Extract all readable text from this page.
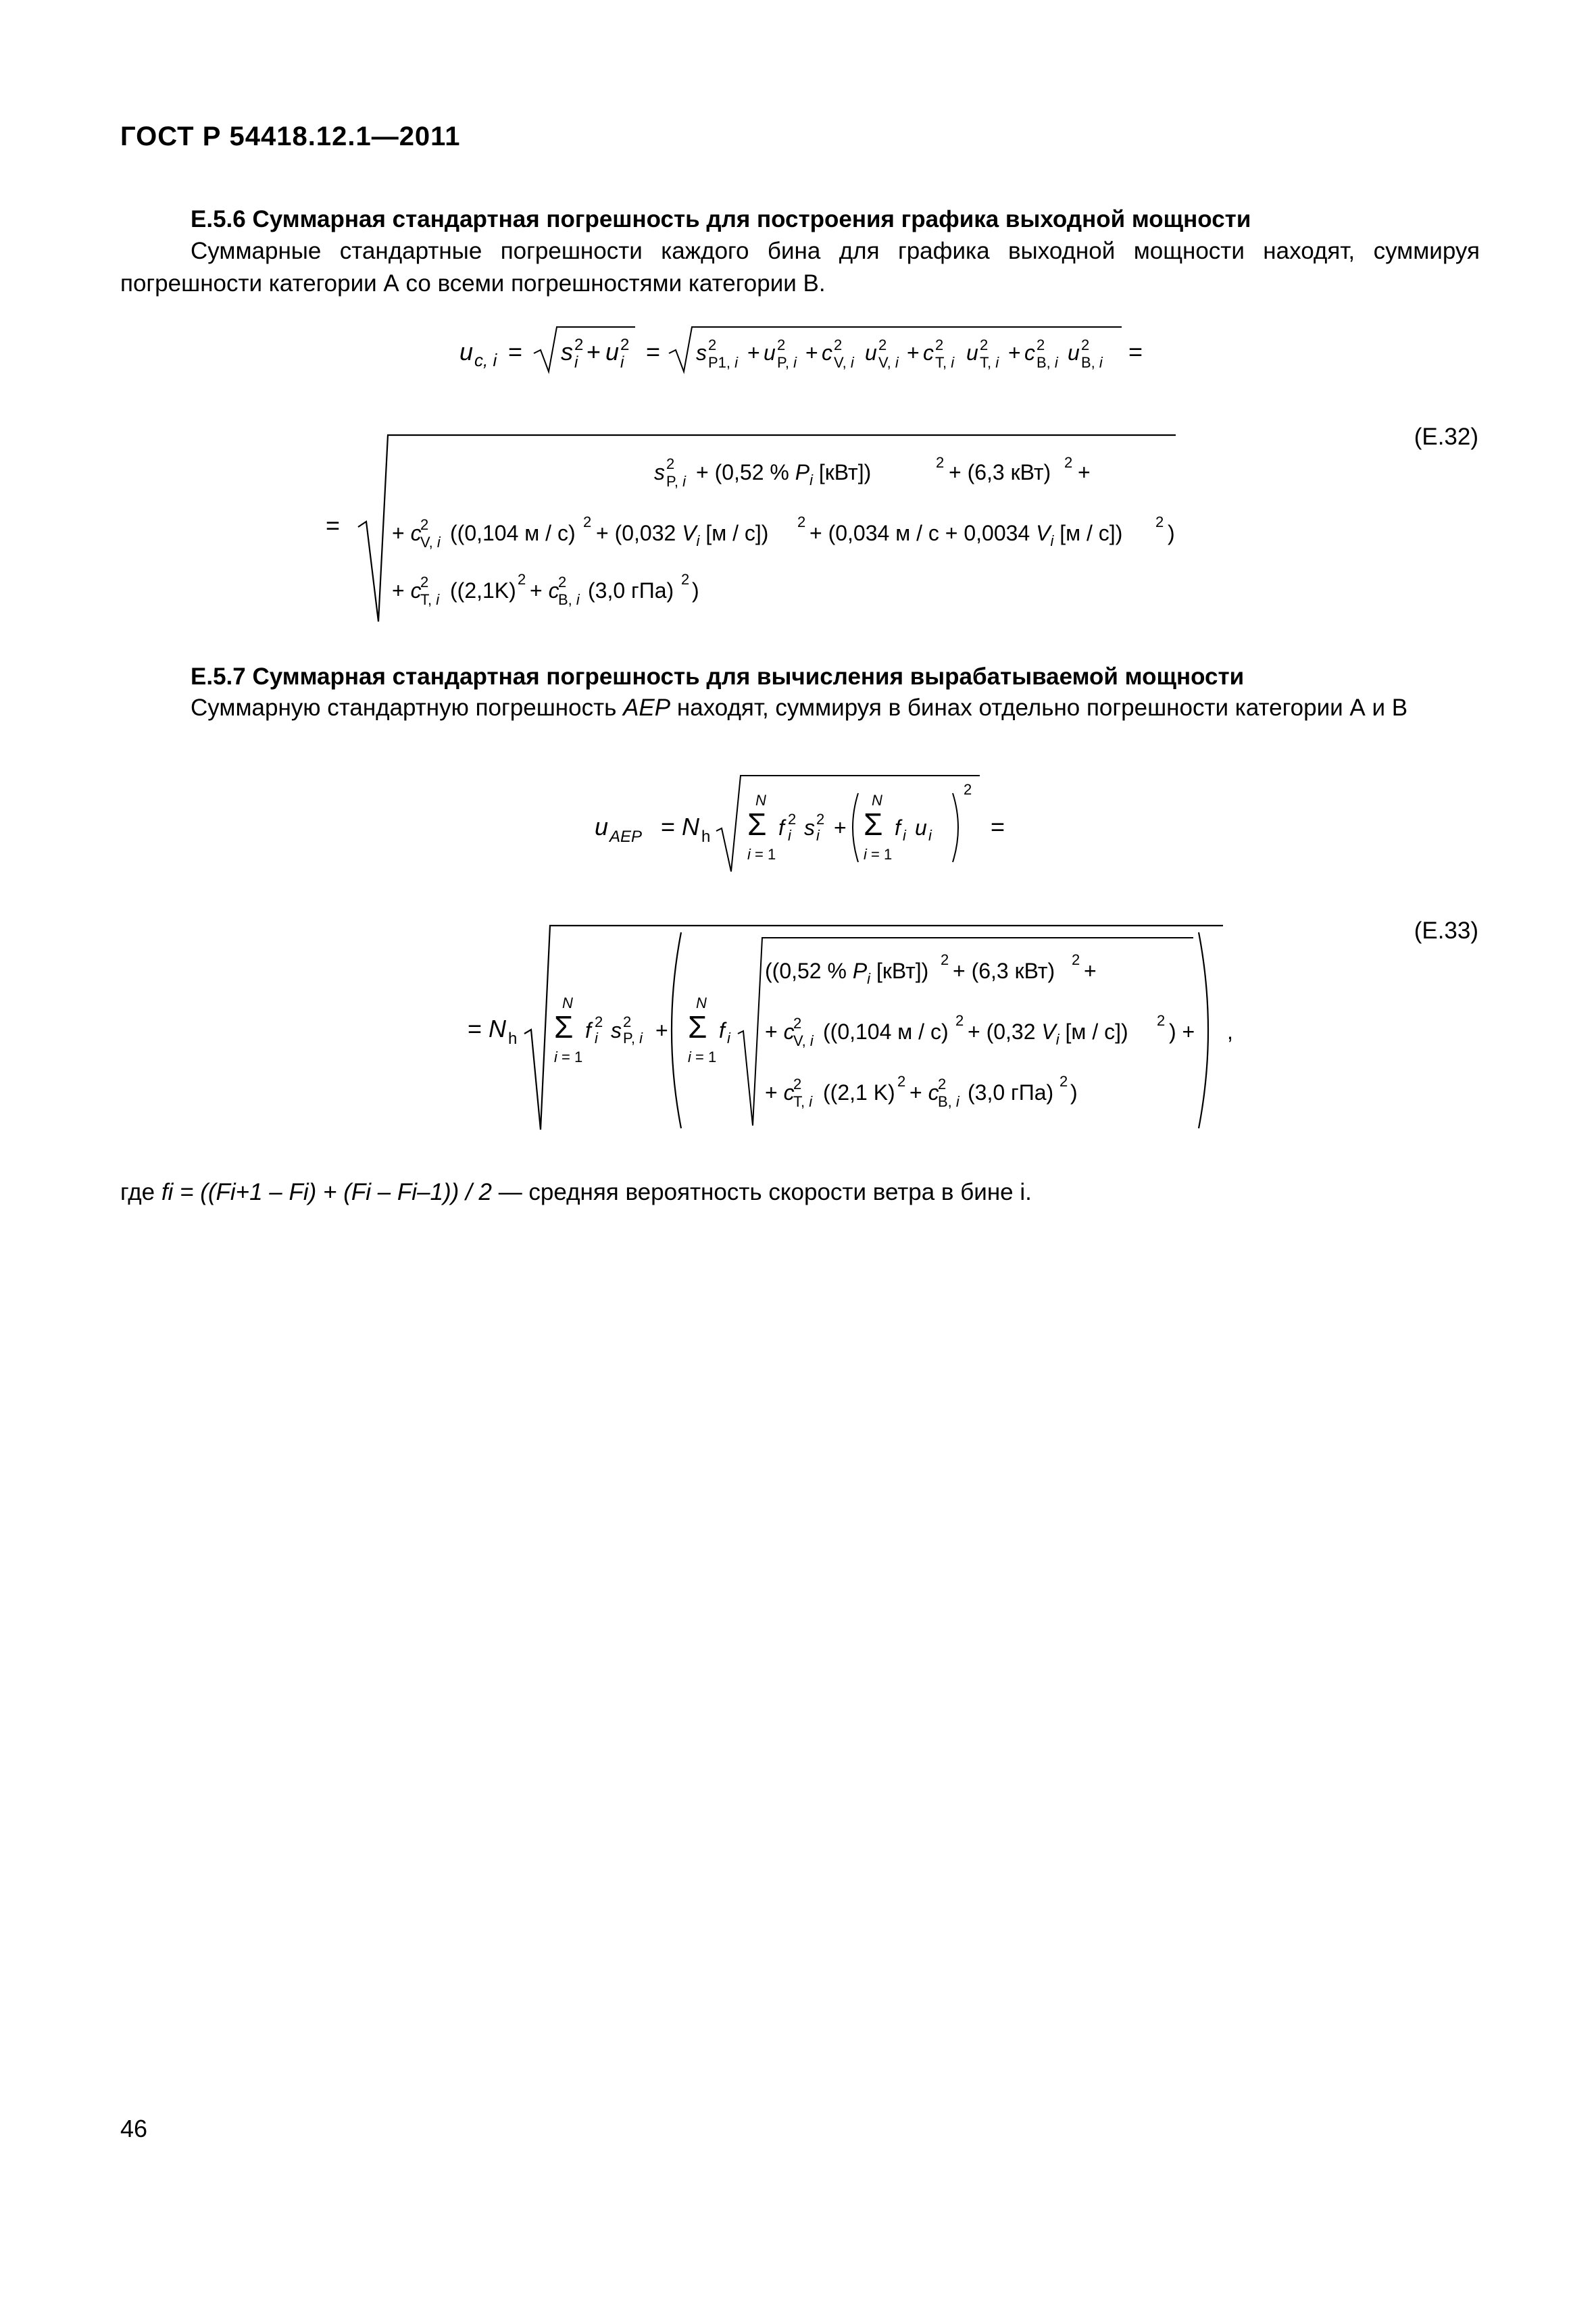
ГОСТ Р 54418.12.1—2011
Е.5.6 Суммарная стандартная погрешность для построения графика выходной мощности
Суммарные стандартные погрешности каждого бина для графика выходной мощности находят, суммируя погрешности категории А со всеми погрешностями категории В.
u c, i = s 2
i + u 2
i = s 2
P1, i + u 2
P, i + c 2
V, i u 2
V, i + c 2
T, i u 2
T, i + c 2
B, i u 2
B, i =
=
s 2
P, i + (0,52 % $P_i$ [кВт])	2 + (6,3 кВт) 2 +
+ c
2
V, i ((0,104 м / c) 2 + (0,032 $V_i$ [м / c]) 2 + (0,034 м / с + 0,0034 $V_i$ [м / c]) 2 )
+ c
2
T, i ((2,1K) 2 + c
2
B, i (3,0 гПа) 2 )
(Е.32)
Е.5.7 Суммарная стандартная погрешность для вычисления вырабатываемой мощности
Суммарную стандартную погрешность AEP находят, суммируя в бинах отдельно погрешности категории А и В
u AEP = N h
N
Σ
i = 1
f 2
i s 2
i +
N
Σ
i = 1
f i u i
2
=
= N h
N
Σ
i = 1
f 2
i s 2
P, i +
N
Σ
i = 1
f i
((0,52 % $P_i$ [кВт]) 2 + (6,3 кВт) 2 +
+ c
2
V, i ((0,104 м / с) 2 + (0,32 $V_i$ [м / с]) 2 ) +
+ c
2
T, i ((2,1 K) 2 + c
2
B, i (3,0 гПа) 2 )
,
(Е.33)
где fi = ((Fi+1 – Fi) + (Fi – Fi–1)) / 2 — средняя вероятность скорости ветра в бине i.
46
